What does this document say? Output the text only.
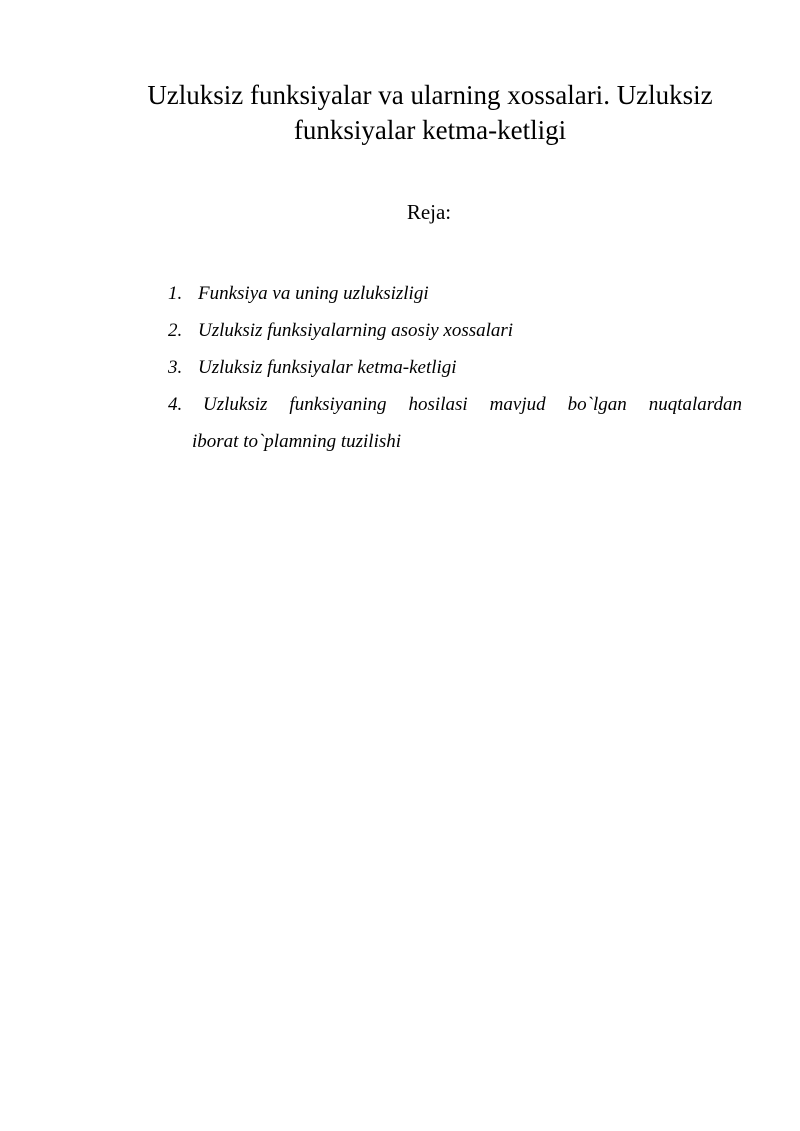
Uzluksiz funksiyalar va ularning xossalari. Uzluksiz funksiyalar ketma-ketligi

Reja:

1. Funksiya va uning uzluksizligi
2. Uzluksiz funksiyalarning asosiy xossalari
3. Uzluksiz funksiyalar ketma-ketligi
4.	Uzluksiz  funksiyaning  hosilasi  mavjud  bo`lgan  nuqtalardan
iborat to`plamning tuzilishi
